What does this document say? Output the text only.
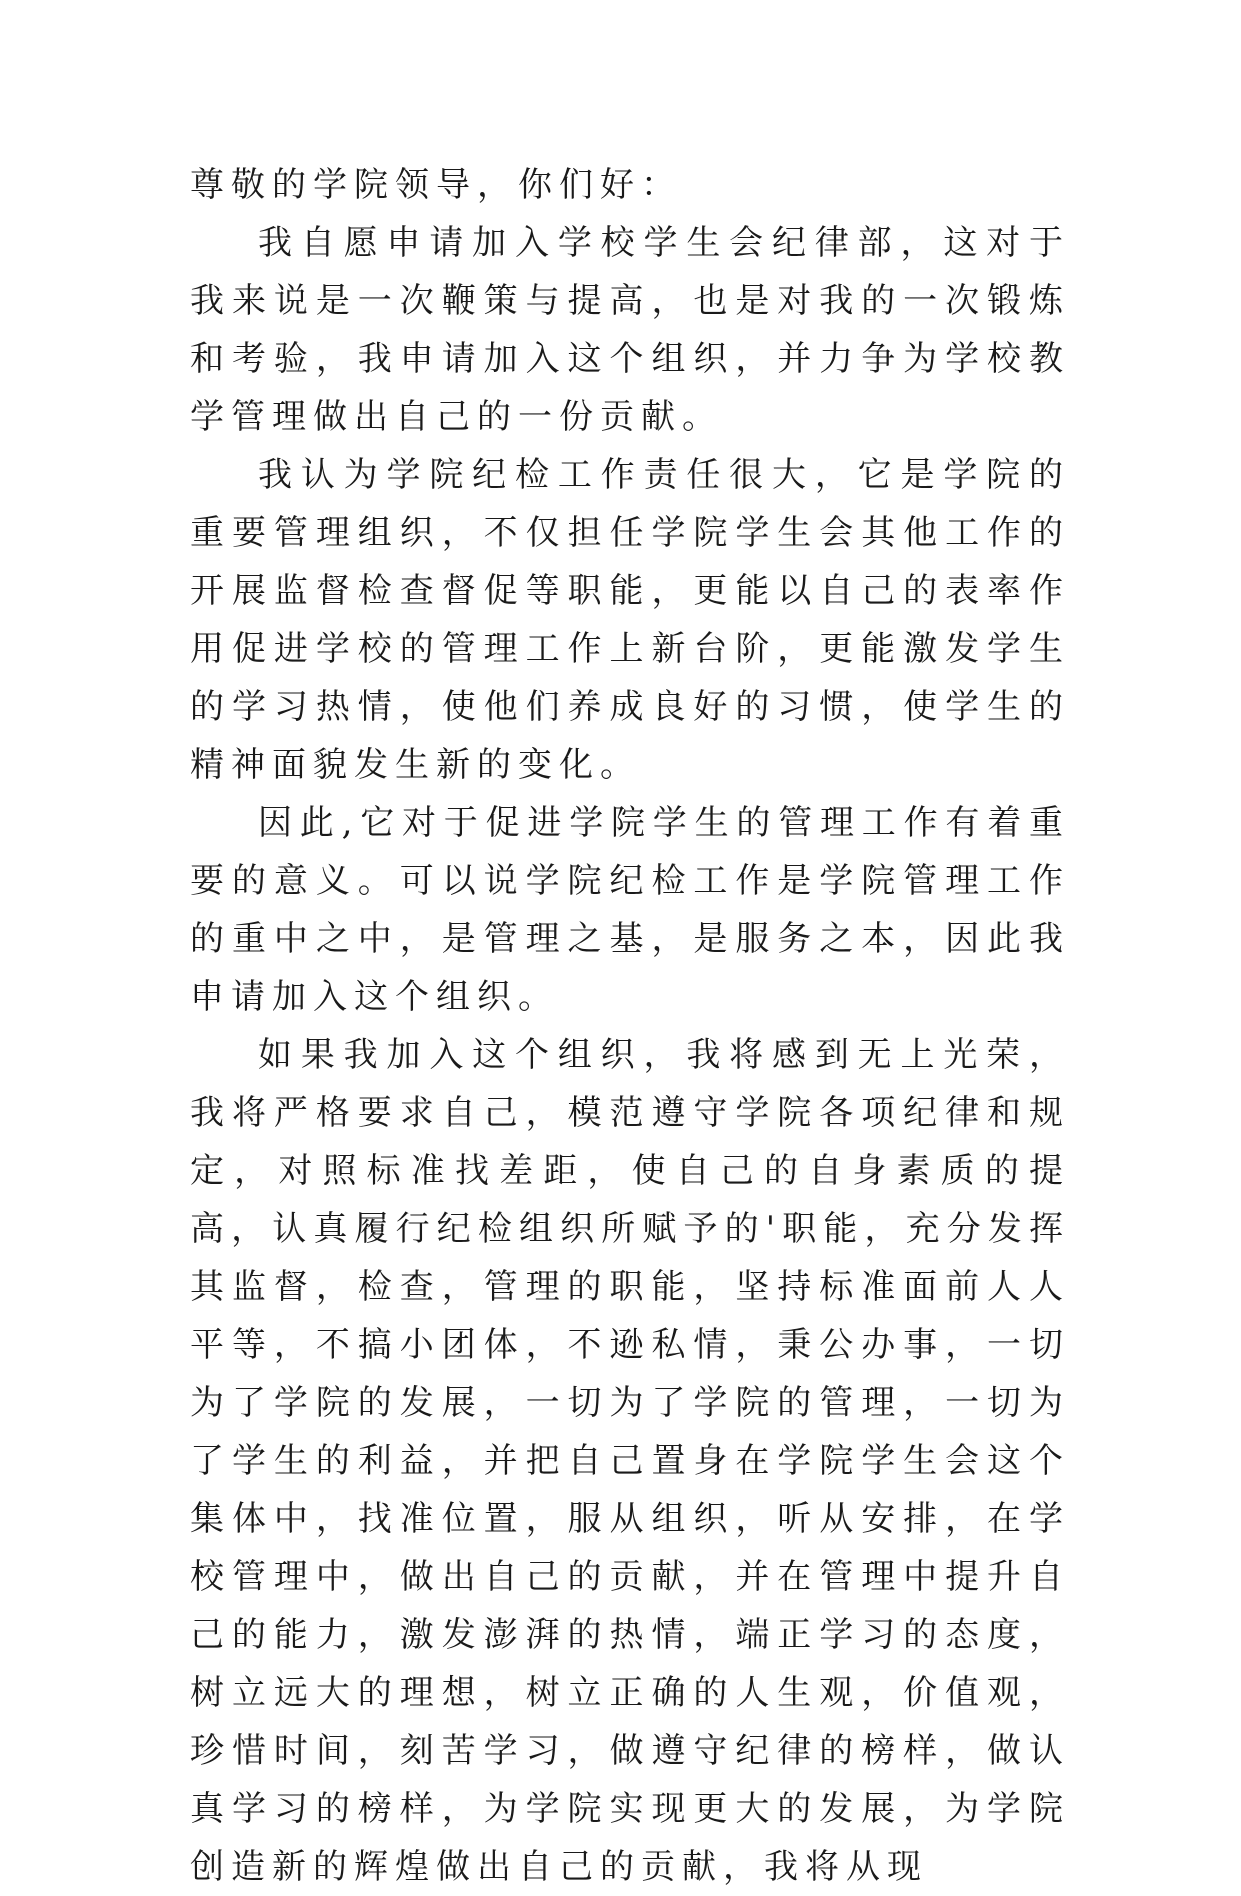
尊敬的学院领导，你们好：

我自愿申请加入学校学生会纪律部，这对于我来说是一次鞭策与提高，也是对我的一次锻炼和考验，我申请加入这个组织，并力争为学校教学管理做出自己的一份贡献。

我认为学院纪检工作责任很大，它是学院的重要管理组织，不仅担任学院学生会其他工作的开展监督检查督促等职能，更能以自己的表率作用促进学校的管理工作上新台阶，更能激发学生的学习热情，使他们养成良好的习惯，使学生的精神面貌发生新的变化。

因此,它对于促进学院学生的管理工作有着重要的意义。可以说学院纪检工作是学院管理工作的重中之中，是管理之基，是服务之本，因此我申请加入这个组织。

如果我加入这个组织，我将感到无上光荣，我将严格要求自己，模范遵守学院各项纪律和规定，对照标准找差距，使自己的自身素质的提高，认真履行纪检组织所赋予的'职能，充分发挥其监督，检查，管理的职能，坚持标准面前人人平等，不搞小团体，不逊私情，秉公办事，一切为了学院的发展，一切为了学院的管理，一切为了学生的利益，并把自己置身在学院学生会这个集体中，找准位置，服从组织，听从安排，在学校管理中，做出自己的贡献，并在管理中提升自己的能力，激发澎湃的热情，端正学习的态度，树立远大的理想，树立正确的人生观，价值观，珍惜时间，刻苦学习，做遵守纪律的榜样，做认真学习的榜样，为学院实现更大的发展，为学院创造新的辉煌做出自己的贡献，我将从现
